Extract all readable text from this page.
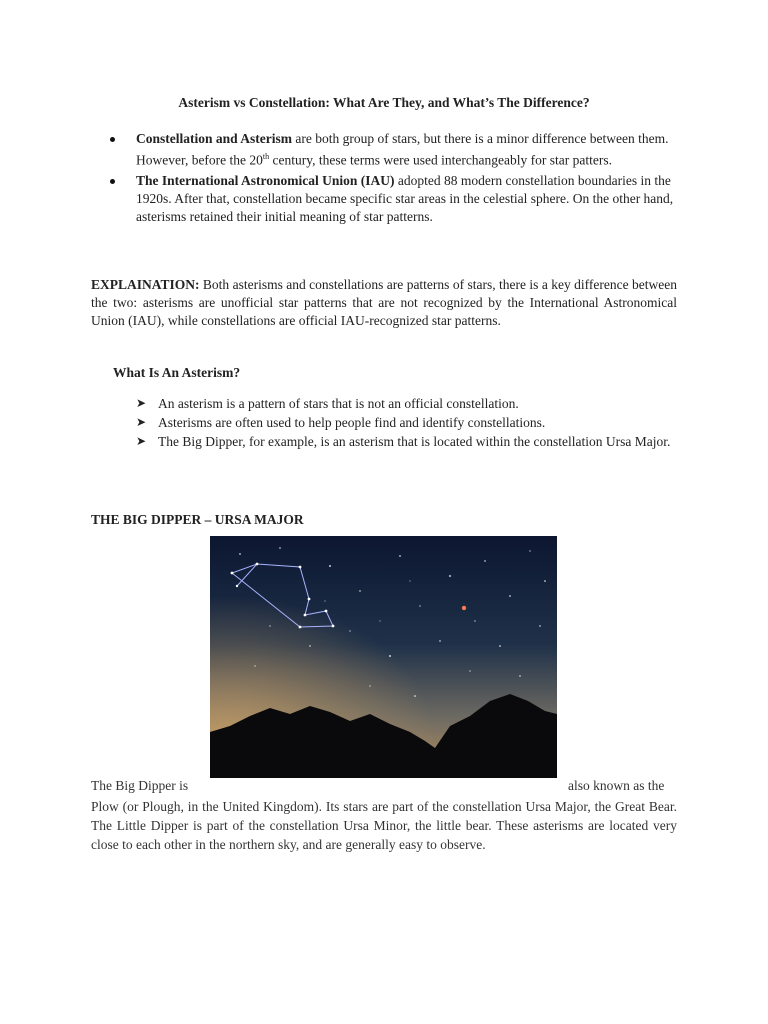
Asterism vs Constellation: What Are They, and What’s The Difference?
Constellation and Asterism are both group of stars, but there is a minor difference between them. However, before the 20th century, these terms were used interchangeably for star patters.
The International Astronomical Union (IAU) adopted 88 modern constellation boundaries in the 1920s. After that, constellation became specific star areas in the celestial sphere. On the other hand, asterisms retained their initial meaning of star patterns.
EXPLAINATION: Both asterisms and constellations are patterns of stars, there is a key difference between the two: asterisms are unofficial star patterns that are not recognized by the International Astronomical Union (IAU), while constellations are official IAU-recognized star patterns.
What Is An Asterism?
➤ An asterism is a pattern of stars that is not an official constellation.
➤ Asterisms are often used to help people find and identify constellations.
➤ The Big Dipper, for example, is an asterism that is located within the constellation Ursa Major.
THE BIG DIPPER – URSA MAJOR
The Big Dipper is	also known as the
Plow (or Plough, in the United Kingdom). Its stars are part of the constellation Ursa Major, the Great Bear. The Little Dipper is part of the constellation Ursa Minor, the little bear. These asterisms are located very close to each other in the northern sky, and are generally easy to observe.
